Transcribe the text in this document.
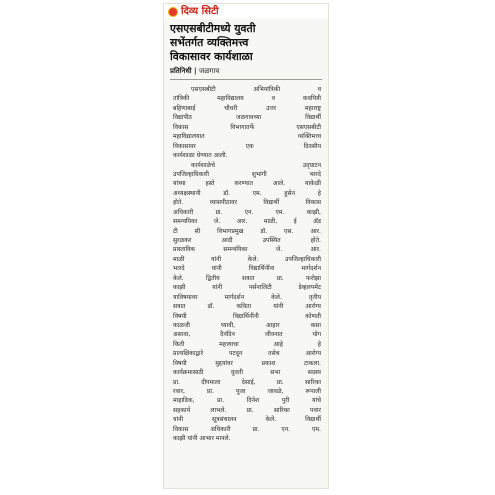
दिव्य सिटी
एसएसबीटीमध्ये युवती
सभेंतर्गत व्यक्तिमत्त्व
विकासावर कार्यशाळा
प्रतिनिधी | जळगाव
एसएसबीटी	अभियांत्रिकी	व
तांत्रिकी	महाविद्यालय	व	कवयित्री
बहिणाबाई	चौधरी	उत्तर	महाराष्ट्र
विद्यापीठ	जळगावच्या	विद्यार्थी
विकास	विभागातर्फे	एसएसबीटी
महाविद्यालयात	व्यक्तिमत्त्व
विकासावर	एक	दिवसीय
कार्यशाळा घेण्यात आली.
कार्यशाळेचे	उद्‌घाटन
उपजिल्हाधिकारी	शुभांगी	भारदे
यांच्या	हस्ते	करण्यात	आले.	याकेळी
अध्यक्षस्थानी	डॉ.	एम.	हुसेन	हे
होते.	व्यासपीठावर	विद्यार्थी	विकास
अधिकारी	प्रा.	एन.	एम.	काझी,
समन्वयिका	जे.	आर.	माळी,	ई	ॲड
टी	सी	विभागप्रमुख	डॉ.	एस.	आर.
सुरळकर	आदी	उपस्थित	होते.
प्रास्ताविक	समन्वयिका	जे.	आर.
माळी	यांनी	केले.	उपजिल्हाधिकारी
भारदे	यांनी	विद्यार्थिनींना	मार्गदर्शन
केले.	द्वितीय	सत्रात	प्रा.	फरोझा
काझी	यांनी	पर्सनालिटी	डेव्हलपमेंट
याविषयावर	मार्गदर्शन	केले.	तृतीय
सत्रात	डॉ.	कविता	यांनी	आरोग्य
विषयी	विद्यार्थिनींनी	कोणती
काळजी	घ्यावी,	आहार	कसा
असावा,	दैनंदिन	जीवनात	योग
किती	महत्त्वाचा	आहे	हे
प्रात्यक्षिकाद्वारे	पटवून	तसेच	आरोग्य
विषयी	मुद्दयांवर	प्रकाश	टाकला.
कार्यक्रमासाठी	युवती	सभा	सदस्य
प्रा.	दीपमाला	देसाई,	प्रा.	सारिका
रवार,	प्रा.	पूजा	जावळे,	रूपाली
माहाडिक,	प्रा.	दिनेश	पुरी	यांचे
सहकार्य	लाभले.	प्रा.	सारिका	पवार
यांनी	सूत्रसंचालन	केले.	विद्यार्थी
विकास	अधिकारी	प्रा.	एन.	एम.
काझी यांनी आभार मानले.
